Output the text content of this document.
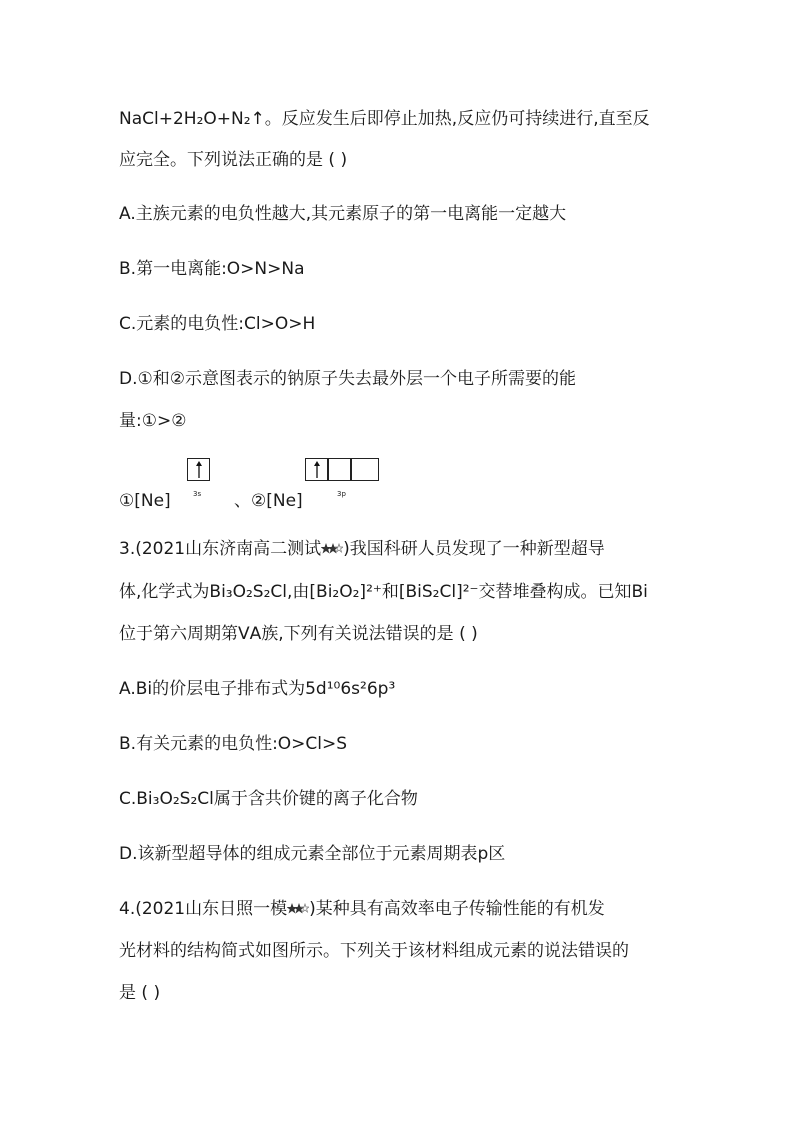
NaCl+2H₂O+N₂↑。反应发生后即停止加热,反应仍可持续进行,直至反
应完全。下列说法正确的是 ( )
A.主族元素的电负性越大,其元素原子的第一电离能一定越大
B.第一电离能:O>N>Na
C.元素的电负性:Cl>O>H
D.①和②示意图表示的钠原子失去最外层一个电子所需要的能
量:①>②
①[Ne]	3s 、②[Ne]	3p
3.(2021山东济南高二测试 )我国科研人员发现了一种新型超导
体,化学式为Bi₃O₂S₂Cl,由[Bi₂O₂]²⁺和[BiS₂Cl]²⁻交替堆叠构成。已知Bi
位于第六周期第ⅤA族,下列有关说法错误的是 ( )
A.Bi的价层电子排布式为5d¹⁰6s²6p³
B.有关元素的电负性:O>Cl>S
C.Bi₃O₂S₂Cl属于含共价键的离子化合物
D.该新型超导体的组成元素全部位于元素周期表p区
4.(2021山东日照一模 )某种具有高效率电子传输性能的有机发
光材料的结构简式如图所示。下列关于该材料组成元素的说法错误的
是 ( )
